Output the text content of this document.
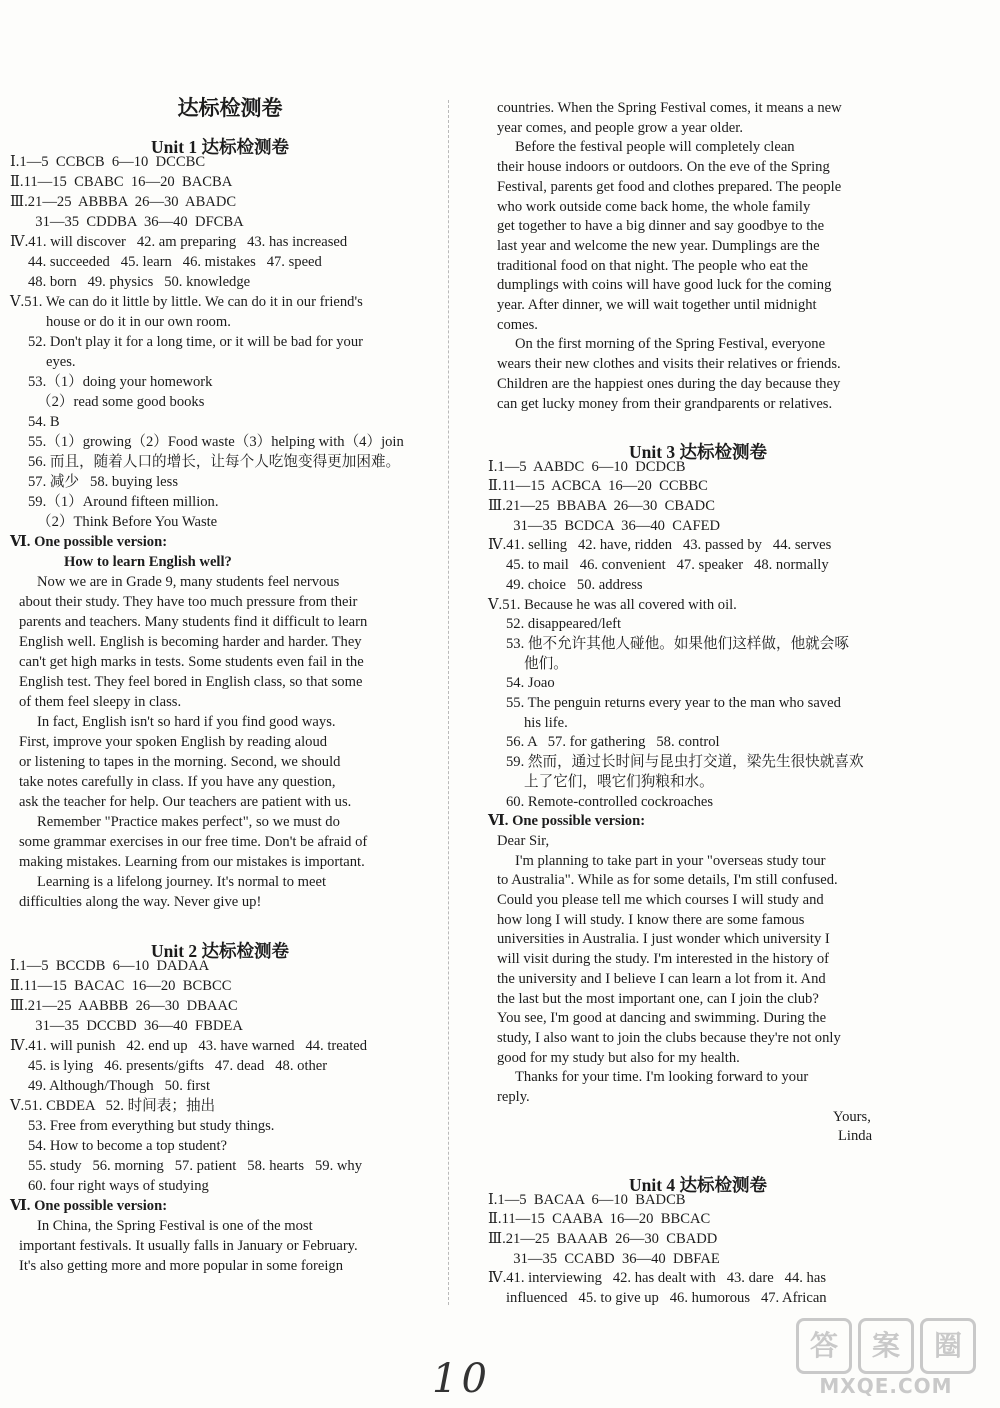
达标检测卷
Unit 1 达标检测卷
Ⅰ.1—5  CCBCB  6—10  DCCBC
Ⅱ.11—15  CBABC  16—20  BACBA
Ⅲ.21—25  ABBBA  26—30  ABADC
31—35  CDDBA  36—40  DFCBA
Ⅳ.41. will discover   42. am preparing   43. has increased
44. succeeded   45. learn   46. mistakes   47. speed
48. born   49. physics   50. knowledge
Ⅴ.51. We can do it little by little. We can do it in our friend's
house or do it in our own room.
52. Don't play it for a long time, or it will be bad for your
eyes.
53.（1）doing your homework
（2）read some good books
54. B
55.（1）growing（2）Food waste（3）helping with（4）join
56. 而且，随着人口的增长，让每个人吃饱变得更加困难。
57. 减少   58. buying less
59.（1）Around fifteen million.
（2）Think Before You Waste
Ⅵ. One possible version:
How to learn English well?
Now we are in Grade 9, many students feel nervous
about their study. They have too much pressure from their
parents and teachers. Many students find it difficult to learn
English well. English is becoming harder and harder. They
can't get high marks in tests. Some students even fail in the
English test. They feel bored in English class, so that some
of them feel sleepy in class.
In fact, English isn't so hard if you find good ways.
First, improve your spoken English by reading aloud
or listening to tapes in the morning. Second, we should
take notes carefully in class. If you have any question,
ask the teacher for help. Our teachers are patient with us.
Remember "Practice makes perfect", so we must do
some grammar exercises in our free time. Don't be afraid of
making mistakes. Learning from our mistakes is important.
Learning is a lifelong journey. It's normal to meet
difficulties along the way. Never give up!
Unit 2 达标检测卷
Ⅰ.1—5  BCCDB  6—10  DADAA
Ⅱ.11—15  BACAC  16—20  BCBCC
Ⅲ.21—25  AABBB  26—30  DBAAC
31—35  DCCBD  36—40  FBDEA
Ⅳ.41. will punish   42. end up   43. have warned   44. treated
45. is lying   46. presents/gifts   47. dead   48. other
49. Although/Though   50. first
Ⅴ.51. CBDEA   52. 时间表；抽出
53. Free from everything but study things.
54. How to become a top student?
55. study   56. morning   57. patient   58. hearts   59. why
60. four right ways of studying
Ⅵ. One possible version:
In China, the Spring Festival is one of the most
important festivals. It usually falls in January or February.
It's also getting more and more popular in some foreign
countries. When the Spring Festival comes, it means a new
year comes, and people grow a year older.
Before the festival people will completely clean
their house indoors or outdoors. On the eve of the Spring
Festival, parents get food and clothes prepared. The people
who work outside come back home, the whole family
get together to have a big dinner and say goodbye to the
last year and welcome the new year. Dumplings are the
traditional food on that night. The people who eat the
dumplings with coins will have good luck for the coming
year. After dinner, we will wait together until midnight
comes.
On the first morning of the Spring Festival, everyone
wears their new clothes and visits their relatives or friends.
Children are the happiest ones during the day because they
can get lucky money from their grandparents or relatives.
Unit 3 达标检测卷
Ⅰ.1—5  AABDC  6—10  DCDCB
Ⅱ.11—15  ACBCA  16—20  CCBBC
Ⅲ.21—25  BBABA  26—30  CBADC
31—35  BCDCA  36—40  CAFED
Ⅳ.41. selling   42. have, ridden   43. passed by   44. serves
45. to mail   46. convenient   47. speaker   48. normally
49. choice   50. address
Ⅴ.51. Because he was all covered with oil.
52. disappeared/left
53. 他不允许其他人碰他。如果他们这样做，他就会啄
他们。
54. Joao
55. The penguin returns every year to the man who saved
his life.
56. A   57. for gathering   58. control
59. 然而，通过长时间与昆虫打交道，梁先生很快就喜欢
上了它们，喂它们狗粮和水。
60. Remote-controlled cockroaches
Ⅵ. One possible version:
Dear Sir,
I'm planning to take part in your "overseas study tour
to Australia". While as for some details, I'm still confused.
Could you please tell me which courses I will study and
how long I will study. I know there are some famous
universities in Australia. I just wonder which university I
will visit during the study. I'm interested in the history of
the university and I believe I can learn a lot from it. And
the last but the most important one, can I join the club?
You see, I'm good at dancing and swimming. During the
study, I also want to join the clubs because they're not only
good for my study but also for my health.
Thanks for your time. I'm looking forward to your
reply.
Yours,
Linda
Unit 4 达标检测卷
Ⅰ.1—5  BACAA  6—10  BADCB
Ⅱ.11—15  CAABA  16—20  BBCAC
Ⅲ.21—25  BAAAB  26—30  CBADD
31—35  CCABD  36—40  DBFAE
Ⅳ.41. interviewing   42. has dealt with   43. dare   44. has
influenced   45. to give up   46. humorous   47. African
10
答	案	圈
MXQE.COM
